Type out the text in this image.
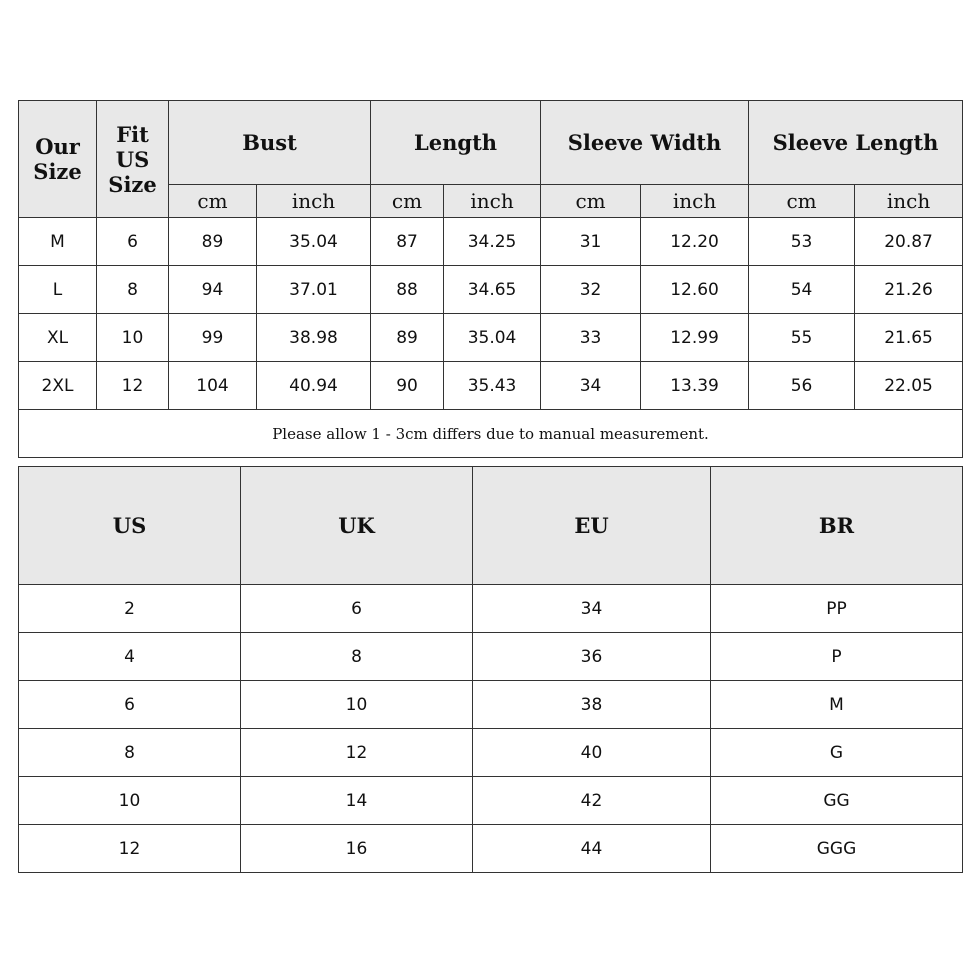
Our Size	Fit US Size	Bust		Length		Sleeve Width		Sleeve Length	
		cm	inch	cm	inch	cm	inch	cm	inch
M	6	89	35.04	87	34.25	31	12.20	53	20.87
L	8	94	37.01	88	34.65	32	12.60	54	21.26
XL	10	99	38.98	89	35.04	33	12.99	55	21.65
2XL	12	104	40.94	90	35.43	34	13.39	56	22.05
Please allow 1 - 3cm differs due to manual measurement.									
US	UK	EU	BR
2	6	34	PP
4	8	36	P
6	10	38	M
8	12	40	G
10	14	42	GG
12	16	44	GGG
